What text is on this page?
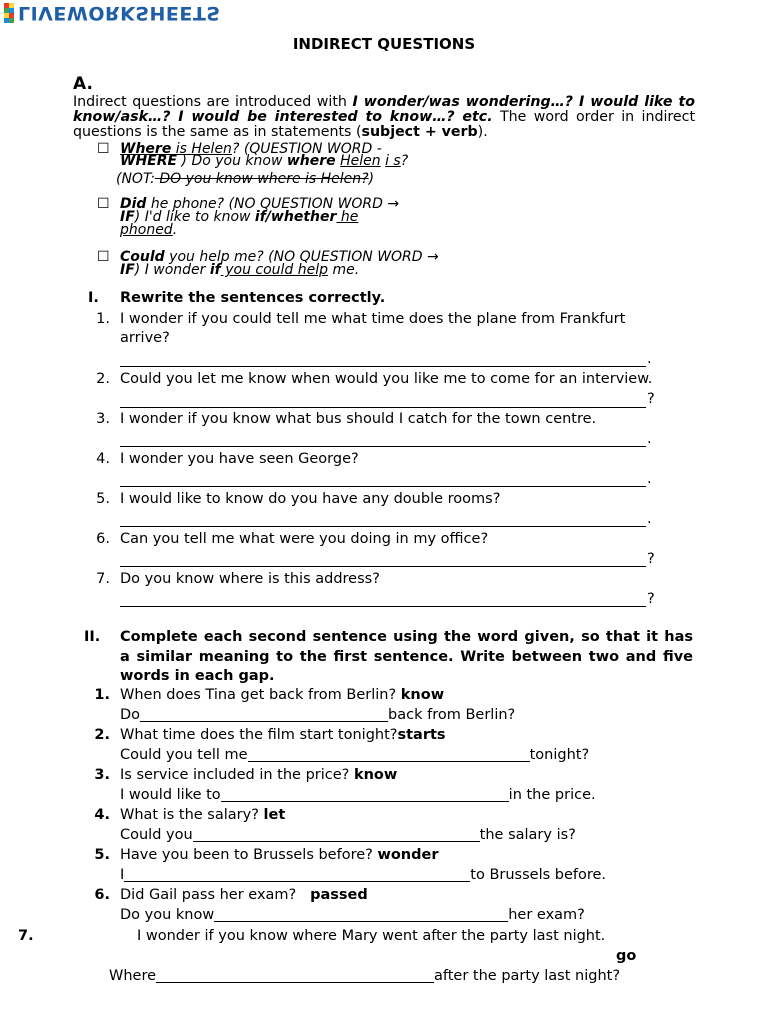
LIVEWORKSHEETS
INDIRECT QUESTIONS
A.
Indirect questions are introduced with I wonder/was wondering…? I would like to know/ask…? I would be interested to know…? etc. The word order in indirect questions is the same as in statements (subject + verb).
☐ Where is Helen? (QUESTION WORD -
WHERE ) Do you know where Helen i s?
(NOT: DO you know where is Helen?)
☐ Did he phone? (NO QUESTION WORD →
IF) I'd like to know if/whether he
phoned.
☐ Could you help me? (NO QUESTION WORD →
IF) I wonder if you could help me.
I. Rewrite the sentences correctly.
1. I wonder if you could tell me what time does the plane from Frankfurt
arrive?
.
2. Could you let me know when would you like me to come for an interview.
?
3. I wonder if you know what bus should I catch for the town centre.
.
4. I wonder you have seen George?
.
5. I would like to know do you have any double rooms?
.
6. Can you tell me what were you doing in my office?
?
7. Do you know where is this address?
?
II. Complete each second sentence using the word given, so that it has a similar meaning to the first sentence. Write between two and five words in each gap.
1. When does Tina get back from Berlin? know
Do	back from Berlin?
2. What time does the film start tonight?starts
Could you tell me	tonight?
3. Is service included in the price? know
I would like to	in the price.
4. What is the salary? let
Could you	the salary is?
5. Have you been to Brussels before? wonder
I	to Brussels before.
6. Did Gail pass her exam?   passed
Do you know	her exam?
7.	I wonder if you know where Mary went after the party last night.
go
Where	after the party last night?
